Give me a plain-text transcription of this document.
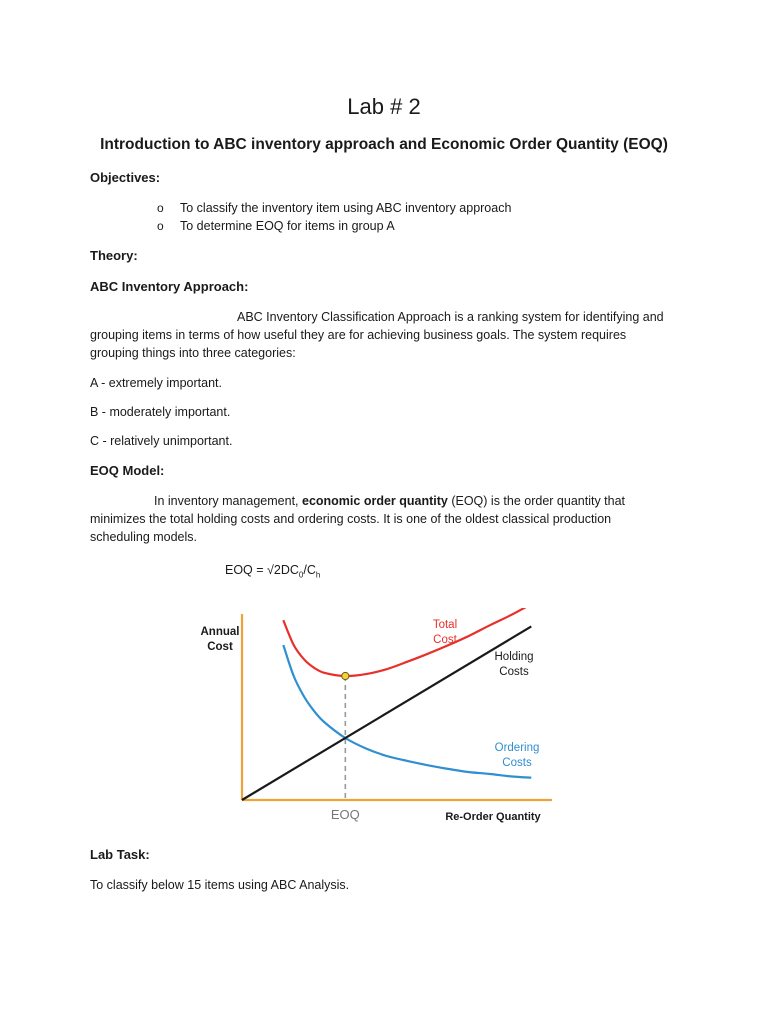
Lab # 2
Introduction to ABC inventory approach and Economic Order Quantity (EOQ)
Objectives:
o To classify the inventory item using ABC inventory approach
o To determine EOQ for items in group A
Theory:
ABC Inventory Approach:

ABC Inventory Classification Approach is a ranking system for identifying and

grouping items in terms of how useful they are for achieving business goals. The system requires

grouping things into three categories:

A - extremely important.
B - moderately important.
C - relatively unimportant.
EOQ Model:

In inventory management, economic order quantity (EOQ) is the order quantity that

minimizes the total holding costs and ordering costs. It is one of the oldest classical production

scheduling models.

EOQ = $√2DC_0/C_h$
Annual
Cost
Total
Cost
Holding
Costs
Ordering
Costs
EOQ	Re-Order Quantity
Lab Task:
To classify below 15 items using ABC Analysis.
